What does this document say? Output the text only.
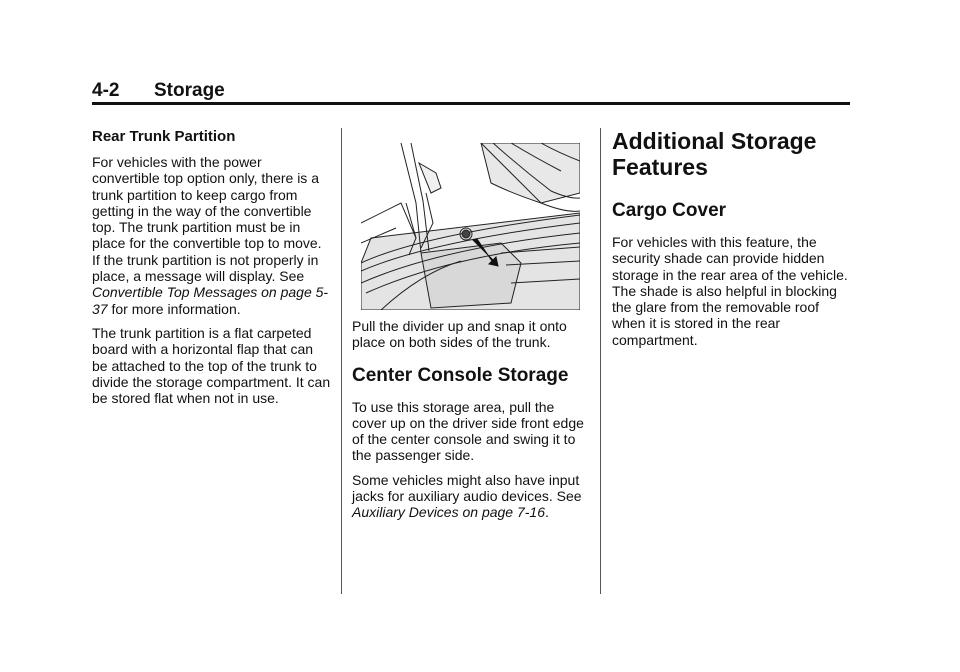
4-2 Storage
Rear Trunk Partition

For vehicles with the power convertible top option only, there is a trunk partition to keep cargo from getting in the way of the convertible top. The trunk partition must be in place for the convertible top to move. If the trunk partition is not properly in place, a message will display. See Convertible Top Messages on page 5-37 for more information.

The trunk partition is a flat carpeted board with a horizontal flap that can be attached to the top of the trunk to divide the storage compartment. It can be stored flat when not in use.

Pull the divider up and snap it onto place on both sides of the trunk.

Center Console Storage

To use this storage area, pull the cover up on the driver side front edge of the center console and swing it to the passenger side.

Some vehicles might also have input jacks for auxiliary audio devices. See Auxiliary Devices on page 7-16.

Additional Storage Features
Cargo Cover

For vehicles with this feature, the security shade can provide hidden storage in the rear area of the vehicle. The shade is also helpful in blocking the glare from the removable roof when it is stored in the rear compartment.
